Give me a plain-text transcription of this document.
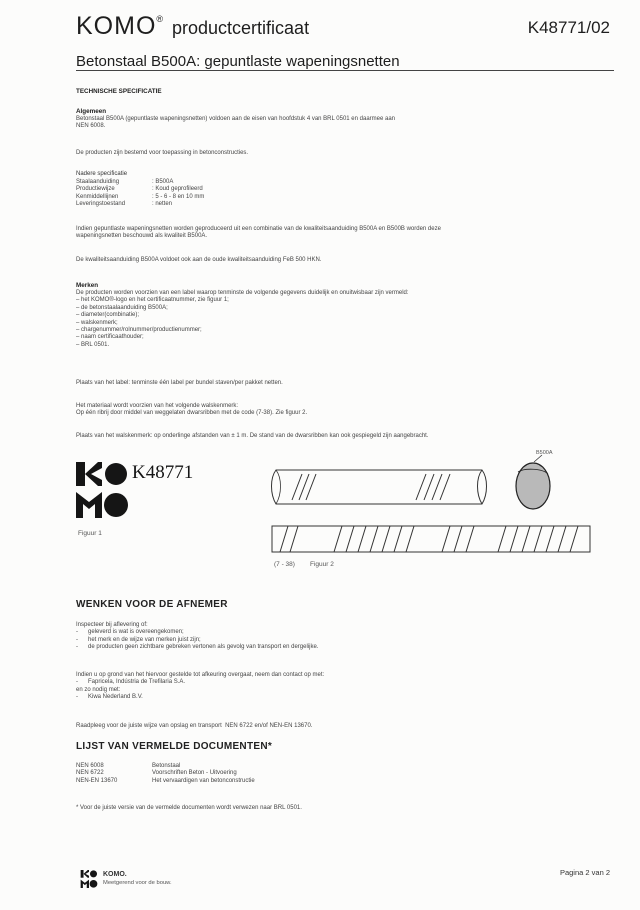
KOMO® productcertificaat	K48771/02
Betonstaal B500A: gepuntlaste wapeningsnetten
TECHNISCHE SPECIFICATIE
Algemeen
Betonstaal B500A (gepuntlaste wapeningsnetten) voldoen aan de eisen van hoofdstuk 4 van BRL 0501 en daarmee aan
NEN 6008.
De producten zijn bestemd voor toepassing in betonconstructies.
Nadere specificatie
Staalaanduiding
Productiewijze
Kenmiddellijnen
Leveringstoestand
: B500A
: Koud geprofileerd
: 5 - 6 - 8 en 10 mm
: netten
Indien gepuntlaste wapeningsnetten worden geproduceerd uit een combinatie van de kwaliteitsaanduiding B500A en B500B worden deze
wapeningsnetten beschouwd als kwaliteit B500A.
De kwaliteitsaanduiding B500A voldoet ook aan de oude kwaliteitsaanduiding FeB 500 HKN.
Merken
De producten worden voorzien van een label waarop tenminste de volgende gegevens duidelijk en onuitwisbaar zijn vermeld:
– het KOMO®-logo en het certificaatnummer, zie figuur 1;
– de betonstaalaanduiding B500A;
– diameter(combinatie);
– walskenmerk;
– chargenummer/rolnummer/productienummer;
– naam certificaathouder;
– BRL 0501.
Plaats van het label: tenminste één label per bundel staven/per pakket netten.
Het materiaal wordt voorzien van het volgende walskenmerk:
Op één ribrij door middel van weggelaten dwarsribben met de code (7-38). Zie figuur 2.
Plaats van het walskenmerk: op onderlinge afstanden van ± 1 m. De stand van de dwarsribben kan ook gespiegeld zijn aangebracht.
K48771
Figuur 1
B500A
(7 - 38) Figuur 2
WENKEN VOOR DE AFNEMER
Inspecteer bij aflevering of:
-      geleverd is wat is overeengekomen;
-      het merk en de wijze van merken juist zijn;
-      de producten geen zichtbare gebreken vertonen als gevolg van transport en dergelijke.
Indien u op grond van het hiervoor gestelde tot afkeuring overgaat, neem dan contact op met:
-      Fapricela, Indústria de Trefilaria S.A.
en zo nodig met:
-      Kiwa Nederland B.V.
Raadpleeg voor de juiste wijze van opslag en transport  NEN 6722 en/of NEN-EN 13670.
LIJST VAN VERMELDE DOCUMENTEN*
NEN 6008
NEN 6722
NEN-EN 13670
Betonstaal
Voorschriften Beton - Uitvoering
Het vervaardigen van betonconstructie
* Voor de juiste versie van de vermelde documenten wordt verwezen naar BRL 0501.
KOMO.
Meetgerend voor de bouw.
Pagina 2 van 2
